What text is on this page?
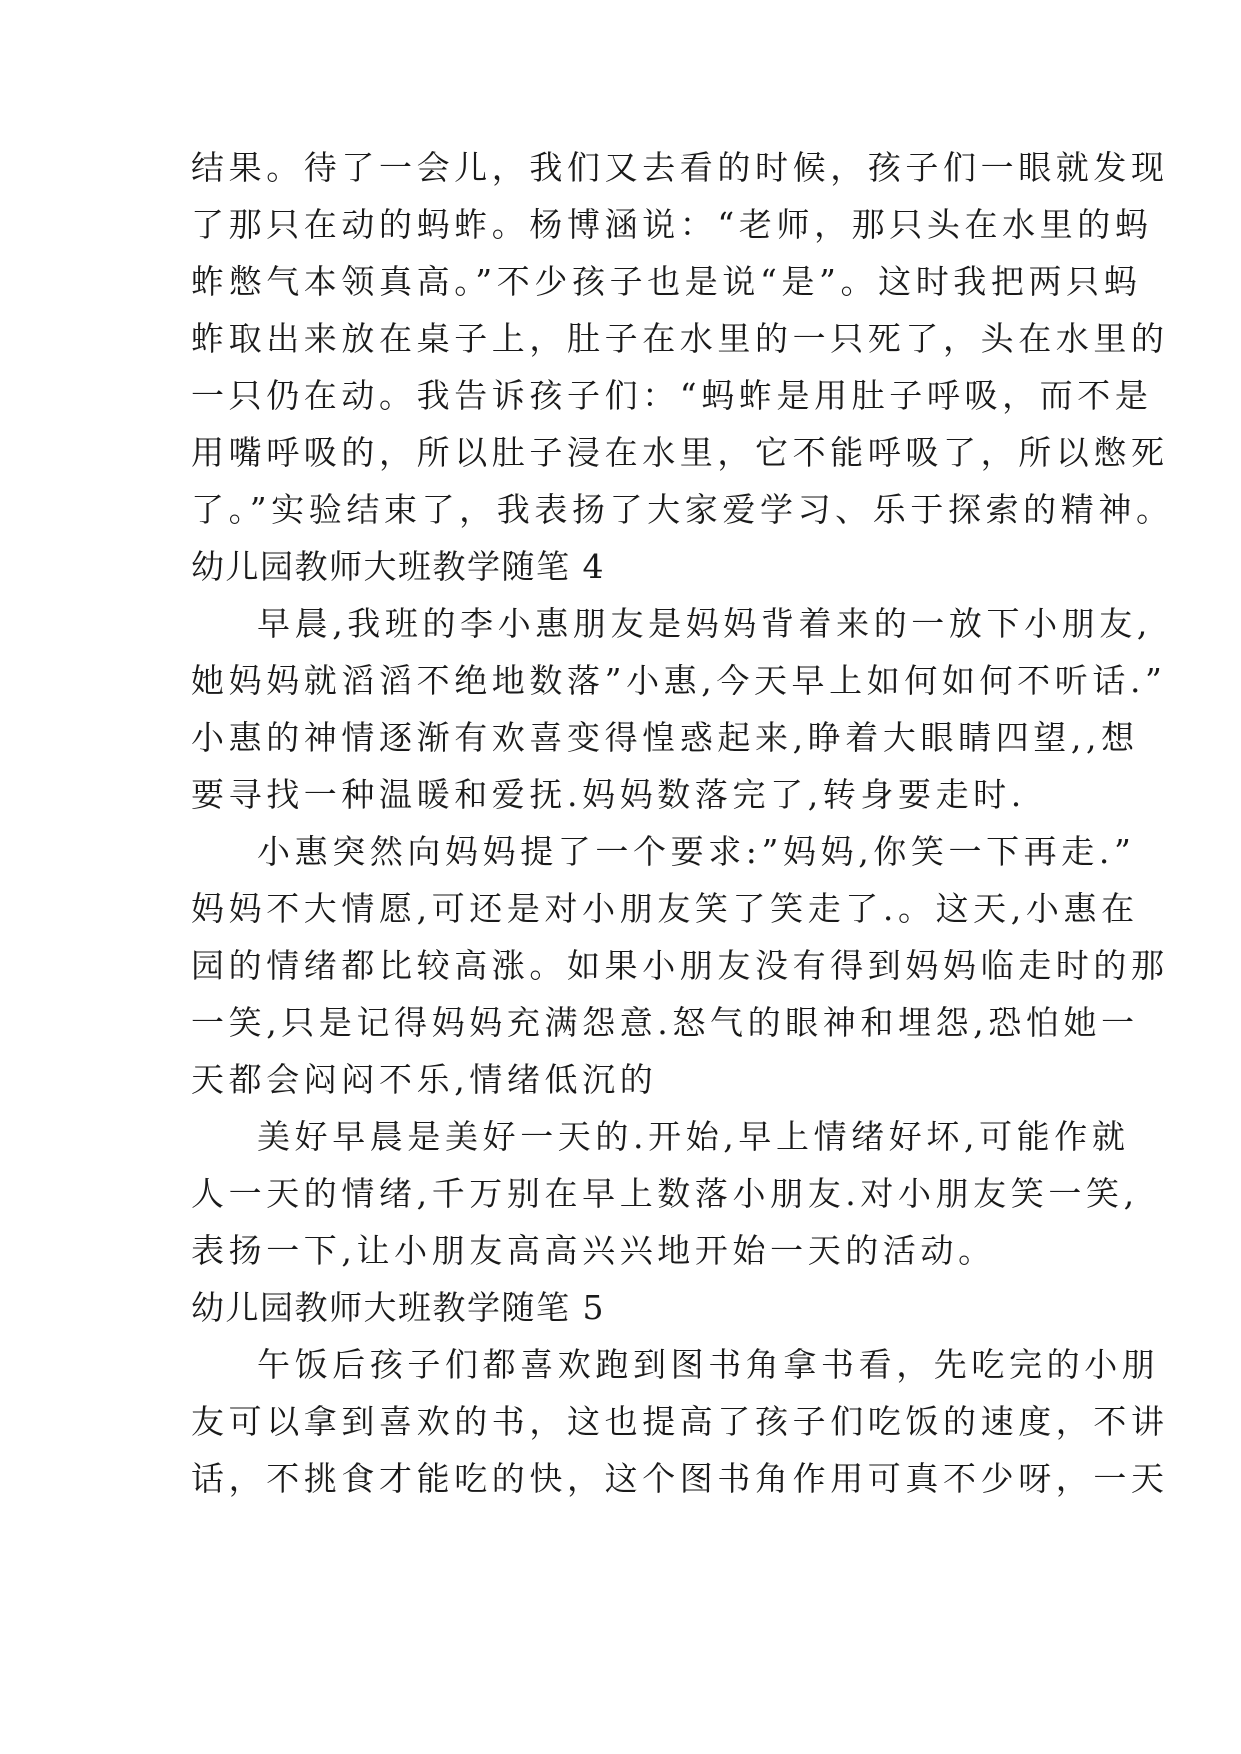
结果。待了一会儿，我们又去看的时候，孩子们一眼就发现
了那只在动的蚂蚱。杨博涵说：“老师，那只头在水里的蚂
蚱憋气本领真高。”不少孩子也是说“是”。这时我把两只蚂
蚱取出来放在桌子上，肚子在水里的一只死了，头在水里的
一只仍在动。我告诉孩子们：“蚂蚱是用肚子呼吸，而不是
用嘴呼吸的，所以肚子浸在水里，它不能呼吸了，所以憋死
了。”实验结束了，我表扬了大家爱学习、乐于探索的精神。
幼儿园教师大班教学随笔 4
早晨,我班的李小惠朋友是妈妈背着来的一放下小朋友,
她妈妈就滔滔不绝地数落”小惠,今天早上如何如何不听话.”
小惠的神情逐渐有欢喜变得惶惑起来,睁着大眼睛四望,,想
要寻找一种温暖和爱抚.妈妈数落完了,转身要走时.
小惠突然向妈妈提了一个要求:”妈妈,你笑一下再走.”
妈妈不大情愿,可还是对小朋友笑了笑走了.。这天,小惠在
园的情绪都比较高涨。如果小朋友没有得到妈妈临走时的那
一笑,只是记得妈妈充满怨意.怒气的眼神和埋怨,恐怕她一
天都会闷闷不乐,情绪低沉的
美好早晨是美好一天的.开始,早上情绪好坏,可能作就
人一天的情绪,千万别在早上数落小朋友.对小朋友笑一笑,
表扬一下,让小朋友高高兴兴地开始一天的活动。
幼儿园教师大班教学随笔 5
午饭后孩子们都喜欢跑到图书角拿书看，先吃完的小朋
友可以拿到喜欢的书，这也提高了孩子们吃饭的速度，不讲
话，不挑食才能吃的快，这个图书角作用可真不少呀，一天
